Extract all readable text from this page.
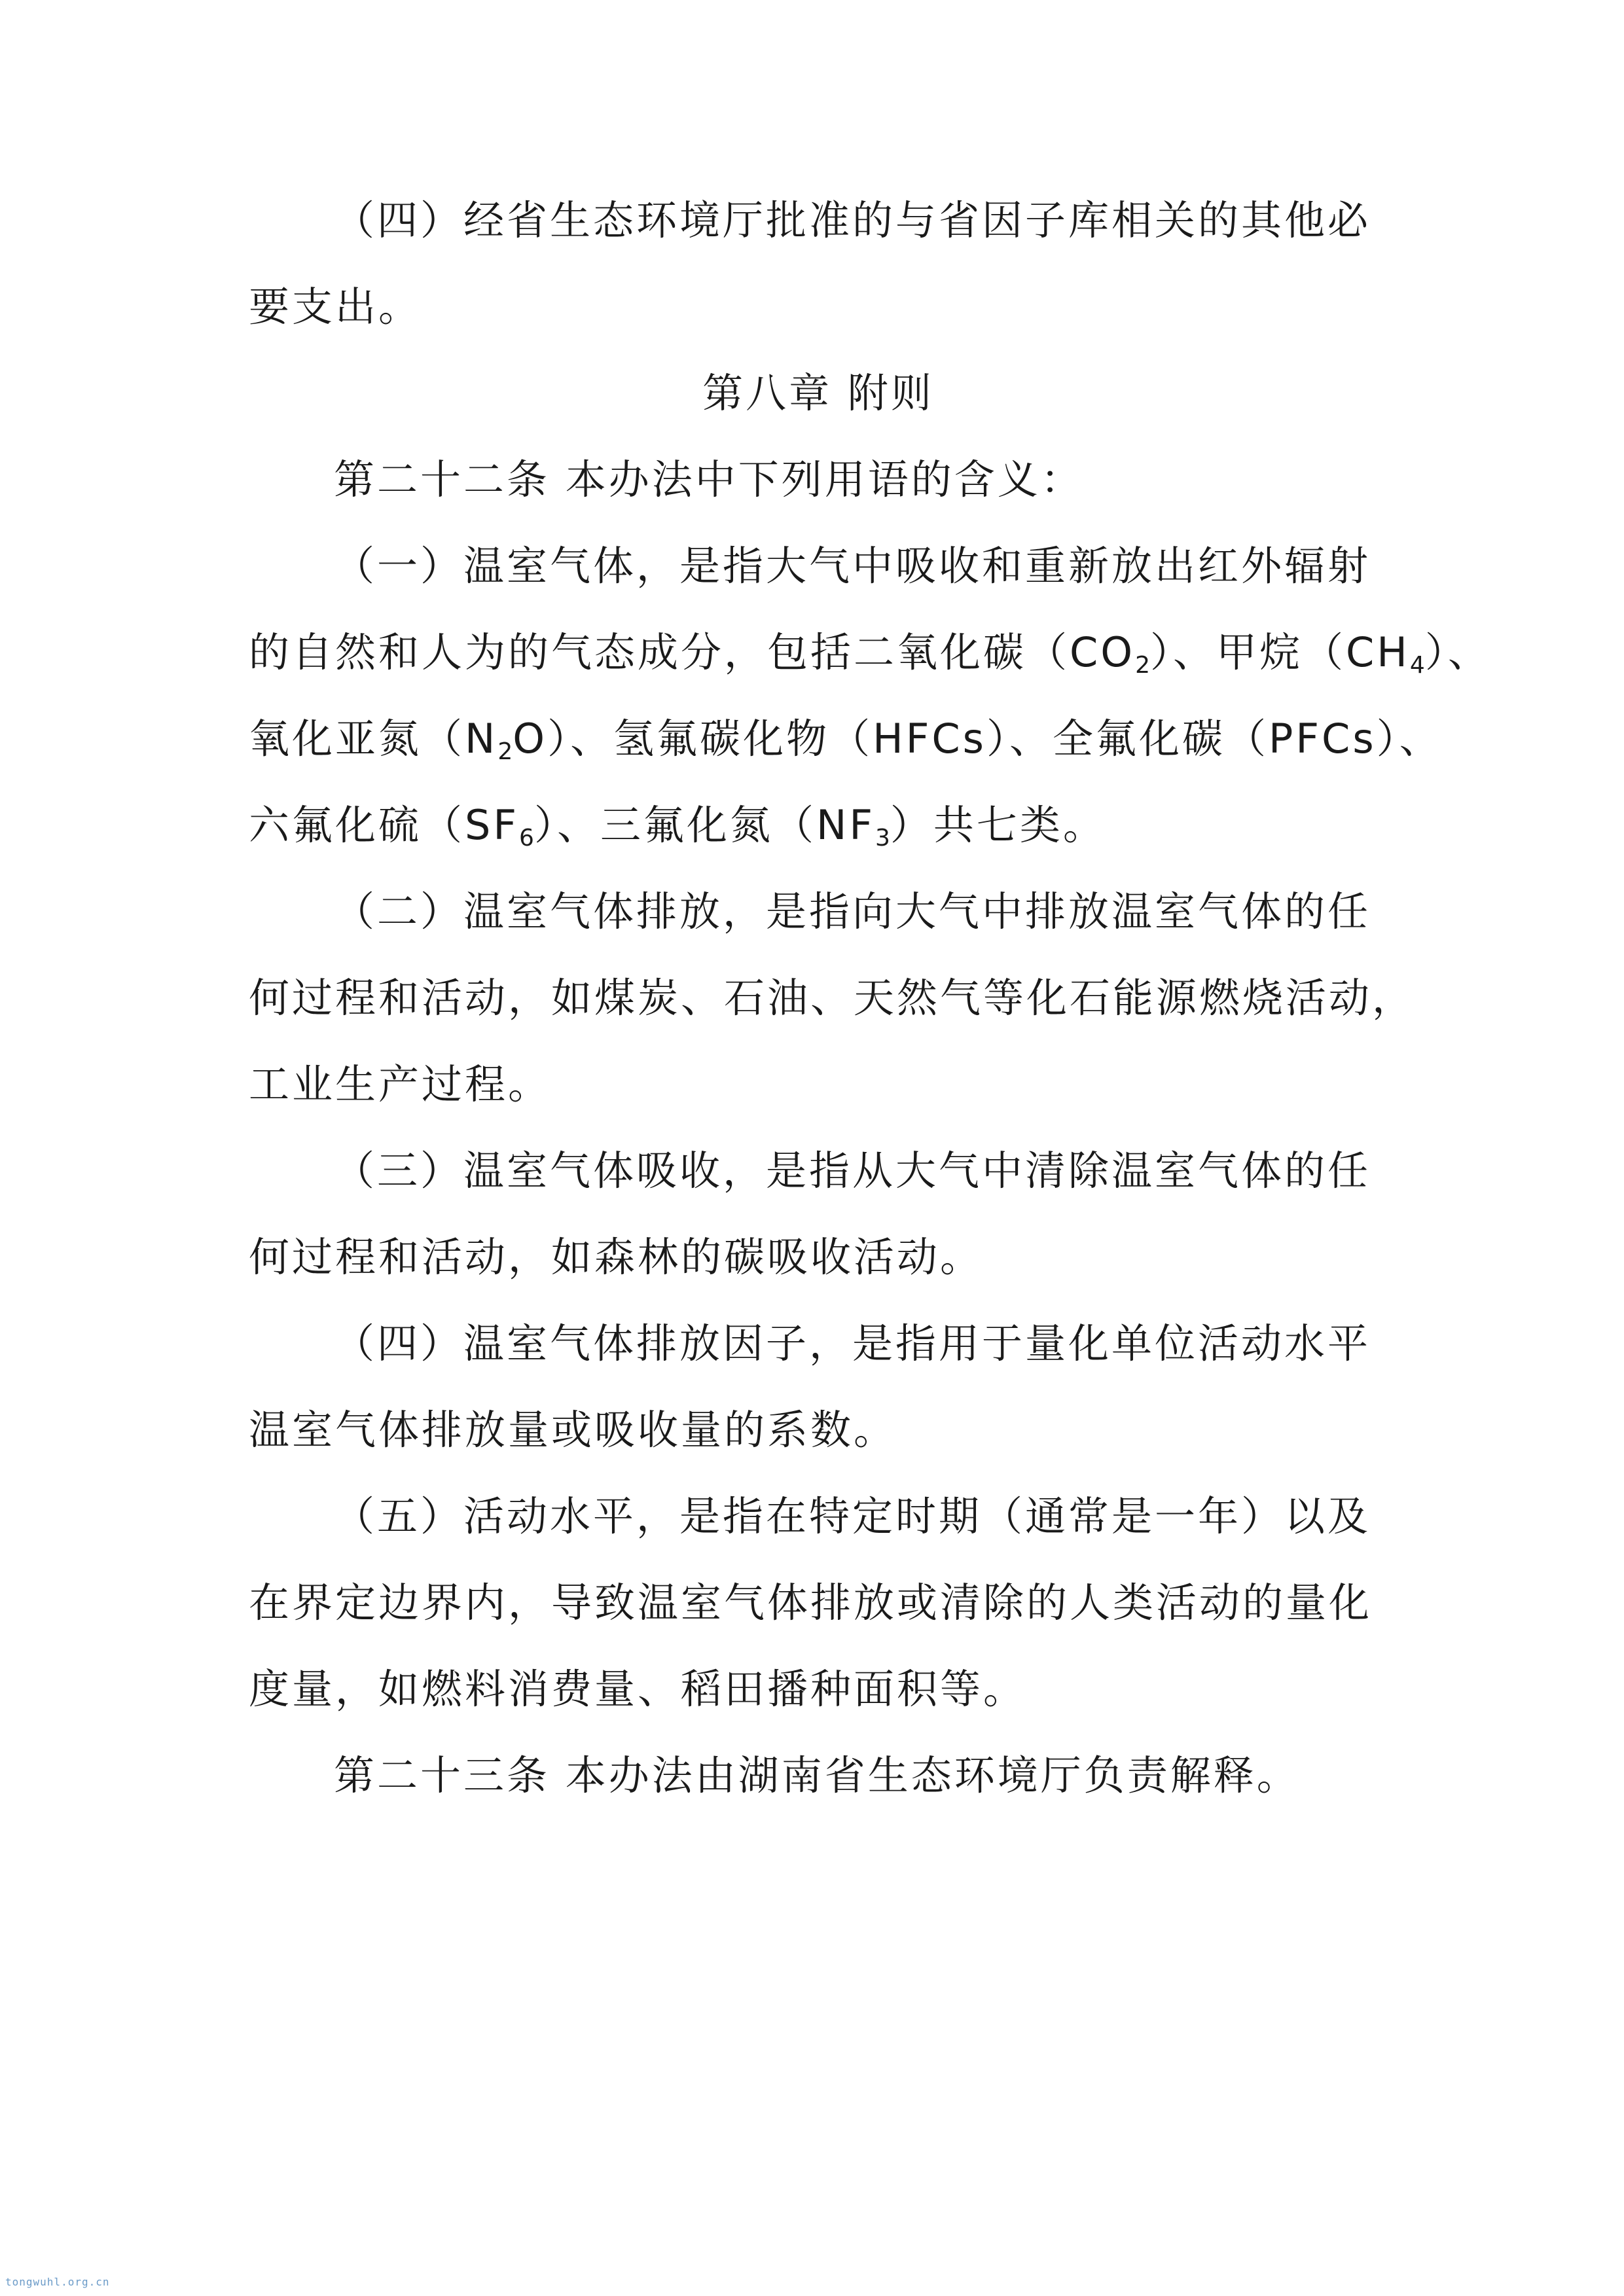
（四）经省生态环境厅批准的与省因子库相关的其他必
要支出。
第八章 附则
第二十二条 本办法中下列用语的含义：
（一）温室气体，是指大气中吸收和重新放出红外辐射
的自然和人为的气态成分，包括二氧化碳$(CO_2)$、甲烷$(CH_4)$、
氧化亚氮$(N_2O)$、氢氟碳化物（HFCs）、全氟化碳（PFCs）、
六氟化硫$(SF_6)$、三氟化氮$(NF_3)$共七类。
（二）温室气体排放，是指向大气中排放温室气体的任
何过程和活动，如煤炭、石油、天然气等化石能源燃烧活动，
工业生产过程。
（三）温室气体吸收，是指从大气中清除温室气体的任
何过程和活动，如森林的碳吸收活动。
（四）温室气体排放因子，是指用于量化单位活动水平
温室气体排放量或吸收量的系数。
（五）活动水平，是指在特定时期（通常是一年）以及
在界定边界内，导致温室气体排放或清除的人类活动的量化
度量，如燃料消费量、稻田播种面积等。
第二十三条 本办法由湖南省生态环境厅负责解释。
tongwuhl.org.cn
